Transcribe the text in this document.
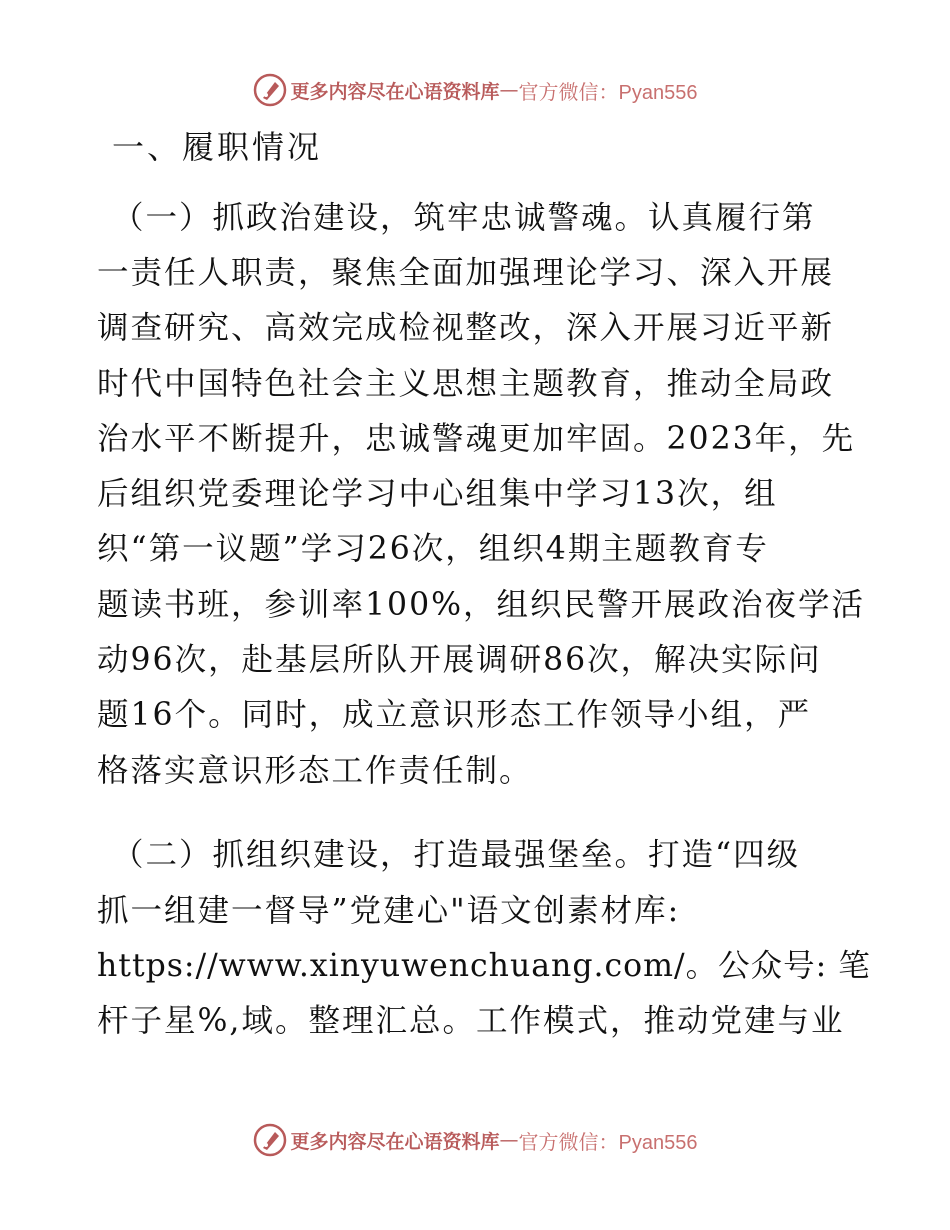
更多内容尽在心语资料库 — 官方微信：Pyan556
一、履职情况
（一）抓政治建设，筑牢忠诚警魂。认真履行第
一责任人职责，聚焦全面加强理论学习、深入开展
调查研究、高效完成检视整改，深入开展习近平新
时代中国特色社会主义思想主题教育，推动全局政
治水平不断提升，忠诚警魂更加牢固。2023年，先
后组织党委理论学习中心组集中学习13次，组
织“第一议题”学习26次，组织4期主题教育专
题读书班，参训率100%，组织民警开展政治夜学活
动96次，赴基层所队开展调研86次，解决实际问
题16个。同时，成立意识形态工作领导小组，严
格落实意识形态工作责任制。
（二）抓组织建设，打造最强堡垒。打造“四级
抓一组建一督导”党建心"语文创素材库:
https://www.xinyuwenchuang.com/。公众号: 笔
杆子星%,域。整理汇总。工作模式，推动党建与业
更多内容尽在心语资料库 — 官方微信：Pyan556
